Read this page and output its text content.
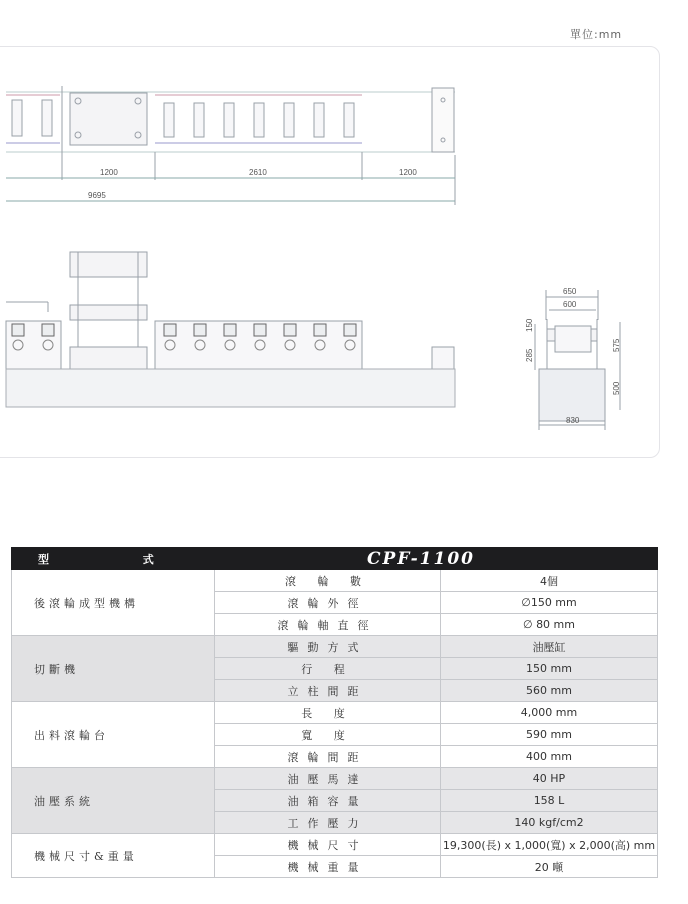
單位:mm
1200	2610	1200
9695
650
600
830
150
285
575
500
型 式	CPF-1100	
後滾輪成型機構	滾 輪 數	4個
	滾輪外徑	∅150 mm
	滾輪軸直徑	∅ 80 mm
切斷機	驅動方式	油壓缸
	行 程	150 mm
	立柱間距	560 mm
出料滾輪台	長 度	4,000 mm
	寬 度	590 mm
	滾輪間距	400 mm
油壓系統	油壓馬達	40 HP
	油箱容量	158 L
	工作壓力	140 kgf/cm2
機械尺寸&重量	機械尺寸	19,300(長) x 1,000(寬) x 2,000(高) mm
	機械重量	20 噸
